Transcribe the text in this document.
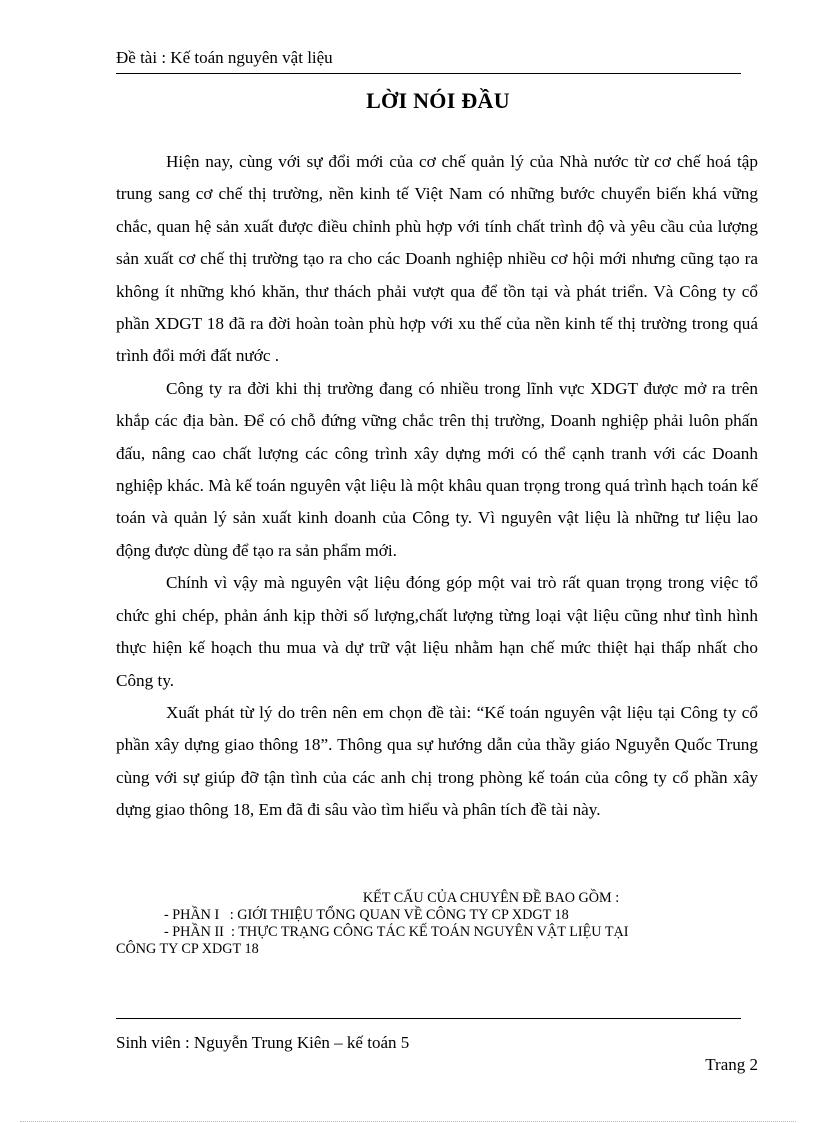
Đề tài : Kế toán nguyên vật liệu
LỜI NÓI ĐẦU

Hiện nay, cùng với sự đổi mới của cơ chế quản lý của Nhà nước từ cơ chế hoá tập trung sang cơ chế thị trường, nền kinh tế Việt Nam có những bước chuyển biến khá vững chắc, quan hệ sản xuất được điều chỉnh phù hợp với tính chất trình độ và yêu cầu của lượng sản xuất cơ chế thị trường tạo ra cho các Doanh nghiệp nhiều cơ hội mới nhưng cũng tạo ra không ít những khó khăn, thư thách phải vượt qua để tồn tại và phát triển. Và Công ty cổ phần XDGT 18 đã ra đời hoàn toàn phù hợp với xu thế của nền kinh tế thị trường trong quá trình đổi mới đất nước .

Công ty ra đời khi thị trường đang có nhiều trong lĩnh vực XDGT được mở ra trên khắp các địa bàn. Để có chỗ đứng vững chắc trên thị trường, Doanh nghiệp phải luôn phấn đấu, nâng cao chất lượng các công trình xây dựng mới có thể cạnh tranh với các Doanh nghiệp khác. Mà kế toán nguyên vật liệu là một khâu quan trọng trong quá trình hạch toán kế toán và quản lý sản xuất kinh doanh của Công ty. Vì nguyên vật liệu là những tư liệu lao động được dùng để tạo ra sản phẩm mới.

Chính vì vậy mà nguyên vật liệu đóng góp một vai trò rất quan trọng trong việc tổ chức ghi chép, phản ánh kịp thời số lượng,chất lượng từng loại vật liệu cũng như tình hình thực hiện kế hoạch thu mua và dự trữ vật liệu nhằm hạn chế mức thiệt hại thấp nhất cho Công ty.

Xuất phát từ lý do trên nên em chọn đề tài: “Kế toán nguyên vật liệu tại Công ty cổ phần xây dựng giao thông 18”. Thông qua sự hướng dẫn của thầy giáo Nguyễn Quốc Trung cùng với sự giúp đỡ tận tình của các anh chị trong phòng kế toán của công ty cổ phần xây dựng giao thông 18, Em đã đi sâu vào tìm hiểu và phân tích đề tài này.

KẾT CẤU CỦA CHUYÊN ĐỀ BAO GỒM :
- PHẦN I   : GIỚI THIỆU TỔNG QUAN VỀ CÔNG TY CP XDGT 18
- PHẦN II  : THỰC TRẠNG CÔNG TÁC KẾ TOÁN NGUYÊN VẬT LIỆU TẠI
CÔNG TY CP XDGT 18
Sinh viên : Nguyễn Trung Kiên – kế toán 5
Trang 2
